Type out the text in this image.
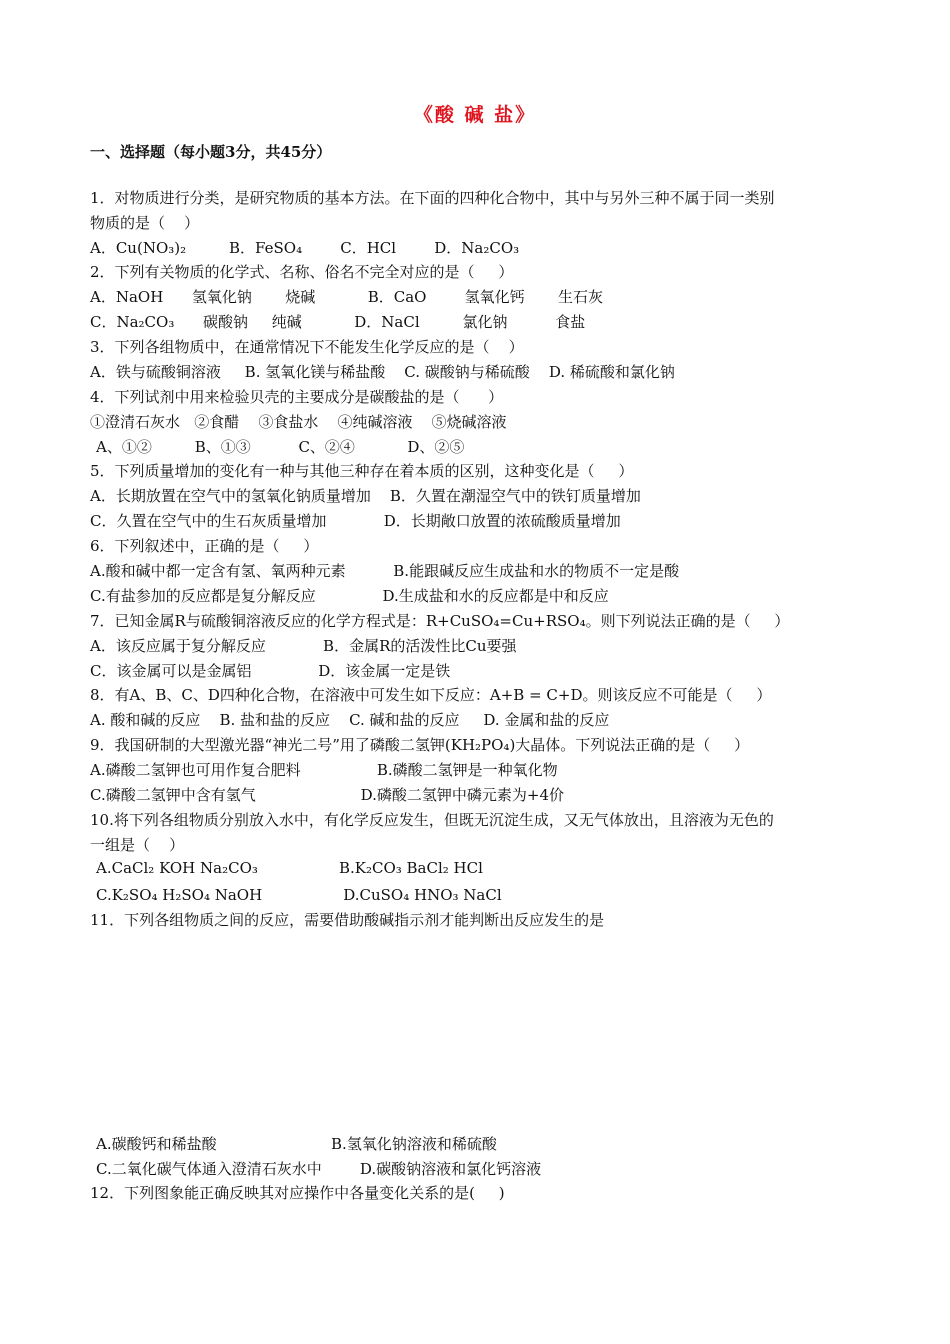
《酸 碱 盐》
一、选择题（每小题3分，共45分）
1．对物质进行分类，是研究物质的基本方法。在下面的四种化合物中，其中与另外三种不属于同一类别
物质的是（    ）
A．Cu(NO₃)₂         B．FeSO₄        C．HCl        D．Na₂CO₃
2．下列有关物质的化学式、名称、俗名不完全对应的是（     ）
A．NaOH      氢氧化钠       烧碱           B．CaO        氢氧化钙       生石灰
C．Na₂CO₃      碳酸钠     纯碱           D．NaCl         氯化钠          食盐
3．下列各组物质中，在通常情况下不能发生化学反应的是（    ）
A．铁与硫酸铜溶液     B. 氢氧化镁与稀盐酸    C. 碳酸钠与稀硫酸    D. 稀硫酸和氯化钠
4．下列试剂中用来检验贝壳的主要成分是碳酸盐的是（      ）
①澄清石灰水   ②食醋    ③食盐水    ④纯碱溶液    ⑤烧碱溶液
A、①②         B、①③          C、②④           D、②⑤
5．下列质量增加的变化有一种与其他三种存在着本质的区别，这种变化是（     ）
A．长期放置在空气中的氢氧化钠质量增加    B．久置在潮湿空气中的铁钉质量增加
C．久置在空气中的生石灰质量增加            D．长期敞口放置的浓硫酸质量增加
6．下列叙述中，正确的是（     ）
A.酸和碱中都一定含有氢、氧两种元素          B.能跟碱反应生成盐和水的物质不一定是酸
C.有盐参加的反应都是复分解反应              D.生成盐和水的反应都是中和反应
7．已知金属R与硫酸铜溶液反应的化学方程式是：R+CuSO₄=Cu+RSO₄。则下列说法正确的是（     ）
A．该反应属于复分解反应            B．金属R的活泼性比Cu要强
C．该金属可以是金属铝              D．该金属一定是铁
8．有A、B、C、D四种化合物，在溶液中可发生如下反应：A+B = C+D。则该反应不可能是（     ）
A. 酸和碱的反应    B. 盐和盐的反应    C. 碱和盐的反应     D. 金属和盐的反应
9．我国研制的大型激光器“神光二号”用了磷酸二氢钾(KH₂PO₄)大晶体。下列说法正确的是（     ）
A.磷酸二氢钾也可用作复合肥料                B.磷酸二氢钾是一种氧化物
C.磷酸二氢钾中含有氢气                      D.磷酸二氢钾中磷元素为+4价
10.将下列各组物质分别放入水中，有化学反应发生，但既无沉淀生成，又无气体放出，且溶液为无色的
一组是（    ）
A.CaCl₂ KOH Na₂CO₃                 B.K₂CO₃ BaCl₂ HCl
C.K₂SO₄ H₂SO₄ NaOH                 D.CuSO₄ HNO₃ NaCl
11．下列各组物质之间的反应，需要借助酸碱指示剂才能判断出反应发生的是
A.碳酸钙和稀盐酸                        B.氢氧化钠溶液和稀硫酸
C.二氧化碳气体通入澄清石灰水中        D.碳酸钠溶液和氯化钙溶液
12．下列图象能正确反映其对应操作中各量变化关系的是(     )
